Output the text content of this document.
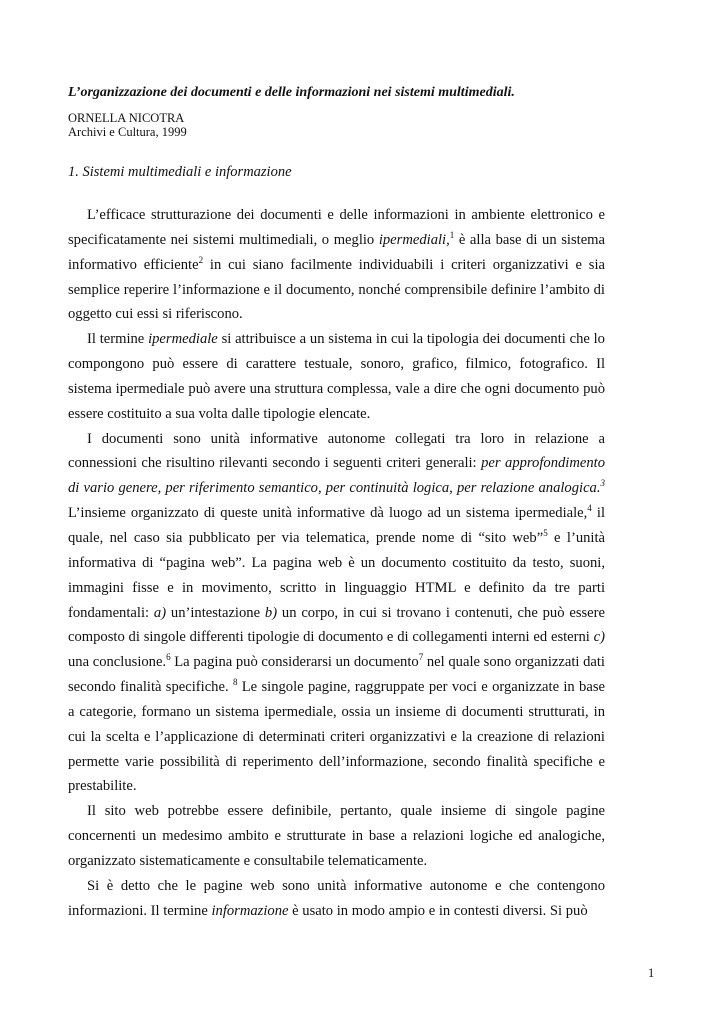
L’organizzazione dei documenti e delle informazioni nei sistemi multimediali.
ORNELLA NICOTRA
Archivi e Cultura, 1999
1. Sistemi multimediali e informazione

L’efficace strutturazione dei documenti e delle informazioni in ambiente elettronico e specificatamente nei sistemi multimediali, o meglio ipermediali,$^1$ è alla base di un sistema informativo efficiente$^2$ in cui siano facilmente individuabili i criteri organizzativi e sia semplice reperire l’informazione e il documento, nonché comprensibile definire l’ambito di oggetto cui essi si riferiscono.

Il termine ipermediale si attribuisce a un sistema in cui la tipologia dei documenti che lo compongono può essere di carattere testuale, sonoro, grafico, filmico, fotografico. Il sistema ipermediale può avere una struttura complessa, vale a dire che ogni documento può essere costituito a sua volta dalle tipologie elencate.

I documenti sono unità informative autonome collegati tra loro in relazione a connessioni che risultino rilevanti secondo i seguenti criteri generali: per approfondimento di vario genere, per riferimento semantico, per continuità logica, per relazione analogica.$^3$ L’insieme organizzato di queste unità informative dà luogo ad un sistema ipermediale,$^4$ il quale, nel caso sia pubblicato per via telematica, prende nome di “sito web”$^5$ e l’unità informativa di “pagina web”. La pagina web è un documento costituito da testo, suoni, immagini fisse e in movimento, scritto in linguaggio HTML e definito da tre parti fondamentali: a) un’intestazione b) un corpo, in cui si trovano i contenuti, che può essere composto di singole differenti tipologie di documento e di collegamenti interni ed esterni c) una conclusione.$^6$ La pagina può considerarsi un documento$^7$ nel quale sono organizzati dati secondo finalità specifiche. $^8$ Le singole pagine, raggruppate per voci e organizzate in base a categorie, formano un sistema ipermediale, ossia un insieme di documenti strutturati, in cui la scelta e l’applicazione di determinati criteri organizzativi e la creazione di relazioni permette varie possibilità di reperimento dell’informazione, secondo finalità specifiche e prestabilite.

Il sito web potrebbe essere definibile, pertanto, quale insieme di singole pagine concernenti un medesimo ambito e strutturate in base a relazioni logiche ed analogiche, organizzato sistematicamente e consultabile telematicamente.

Si è detto che le pagine web sono unità informative autonome e che contengono informazioni. Il termine informazione è usato in modo ampio e in contesti diversi. Si può

1
